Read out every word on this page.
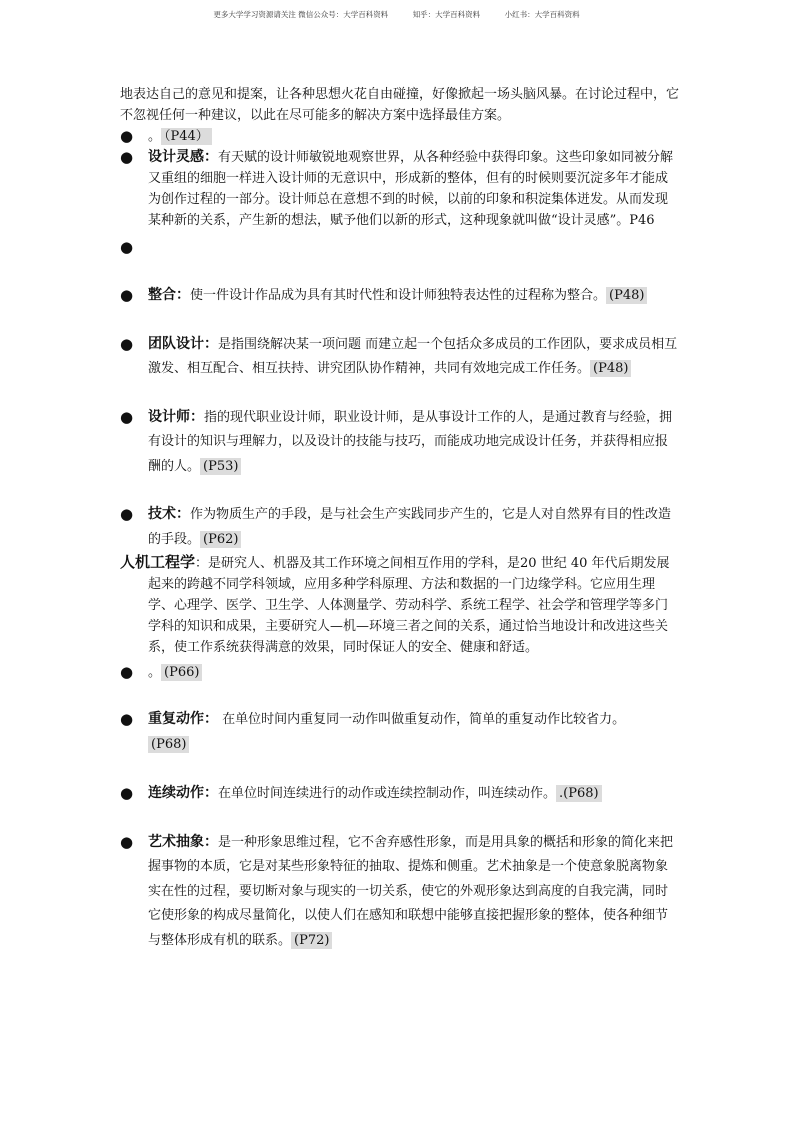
更多大学学习资源请关注 微信公众号：大学百科资料	知乎：大学百科资料	小红书：大学百科资料

地表达自己的意见和提案，让各种思想火花自由碰撞，好像掀起一场头脑风暴。在讨论过程中，它不忽视任何一种建议，以此在尽可能多的解决方案中选择最佳方案。

● 。 （P44）
● 设计灵感：有天赋的设计师敏锐地观察世界，从各种经验中获得印象。这些印象如同被分解又重组的细胞一样进入设计师的无意识中，形成新的整体，但有的时候则要沉淀多年才能成为创作过程的一部分。设计师总在意想不到的时候，以前的印象和积淀集体迸发。从而发现某种新的关系，产生新的想法，赋予他们以新的形式，这种现象就叫做“设计灵感”。P46
●
● 整合：使一件设计作品成为具有其时代性和设计师独特表达性的过程称为整合。 (P48)
● 团队设计：是指围绕解决某一项问题 而建立起一个包括众多成员的工作团队，要求成员相互激发、相互配合、相互扶持、讲究团队协作精神，共同有效地完成工作任务。 (P48)
● 设计师：指的现代职业设计师，职业设计师，是从事设计工作的人，是通过教育与经验，拥有设计的知识与理解力，以及设计的技能与技巧，而能成功地完成设计任务，并获得相应报酬的人。 (P53)
● 技术：作为物质生产的手段，是与社会生产实践同步产生的，它是人对自然界有目的性改造的手段。 (P62)
人机工程学：是研究人、机器及其工作环境之间相互作用的学科，是20 世纪 40 年代后期发展起来的跨越不同学科领域，应用多种学科原理、方法和数据的一门边缘学科。它应用生理学、心理学、医学、卫生学、人体测量学、劳动科学、系统工程学、社会学和管理学等多门学科的知识和成果，主要研究人—机—环境三者之间的关系，通过恰当地设计和改进这些关系，使工作系统获得满意的效果，同时保证人的安全、健康和舒适。
● 。 (P66)
● 重复动作： 在单位时间内重复同一动作叫做重复动作，简单的重复动作比较省力。
(P68)
● 连续动作：在单位时间连续进行的动作或连续控制动作，叫连续动作。 .(P68)
● 艺术抽象：是一种形象思维过程，它不舍弃感性形象，而是用具象的概括和形象的简化来把握事物的本质，它是对某些形象特征的抽取、提炼和侧重。艺术抽象是一个使意象脱离物象实在性的过程，要切断对象与现实的一切关系，使它的外观形象达到高度的自我完满，同时它使形象的构成尽量简化，以使人们在感知和联想中能够直接把握形象的整体，使各种细节与整体形成有机的联系。 (P72)
